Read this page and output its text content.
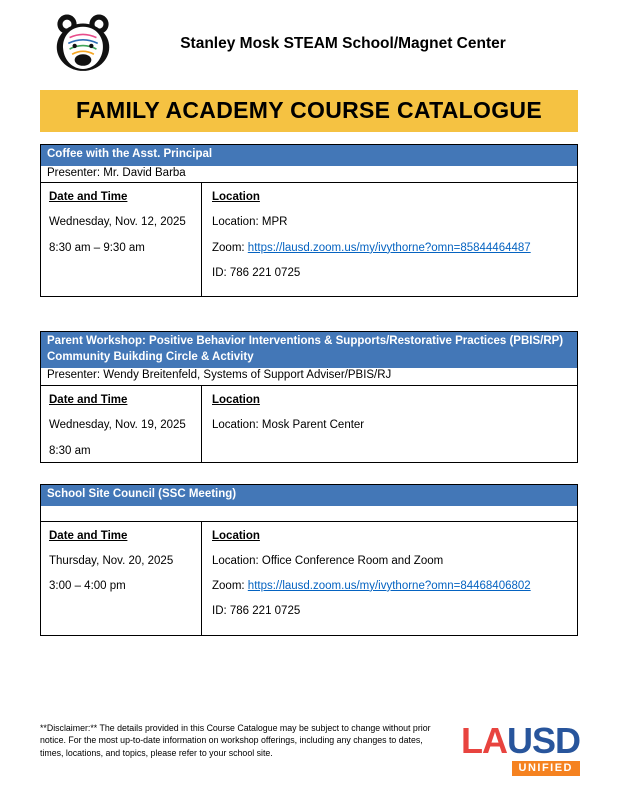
Stanley Mosk STEAM School/Magnet Center
FAMILY ACADEMY COURSE CATALOGUE
Coffee with the Asst. Principal
Presenter: Mr. David Barba
Date and Time
Wednesday, Nov. 12, 2025
8:30 am – 9:30 am
Location
Location: MPR
Zoom: https://lausd.zoom.us/my/ivythorne?omn=85844464487
ID: 786 221 0725
Parent Workshop: Positive Behavior Interventions & Supports/Restorative Practices (PBIS/RP) Community Buikding Circle & Activity
Presenter: Wendy Breitenfeld, Systems of Support Adviser/PBIS/RJ
Date and Time
Wednesday, Nov. 19, 2025
8:30 am
Location
Location: Mosk Parent Center
School Site Council (SSC Meeting)
Date and Time
Thursday, Nov. 20, 2025
3:00 – 4:00 pm
Location
Location: Office Conference Room and Zoom
Zoom: https://lausd.zoom.us/my/ivythorne?omn=84468406802
ID: 786 221 0725
**Disclaimer:** The details provided in this Course Catalogue may be subject to change without prior notice. For the most up-to-date information on workshop offerings, including any changes to dates, times, locations, and topics, please refer to your school site.	LAUSD
UNIFIED
